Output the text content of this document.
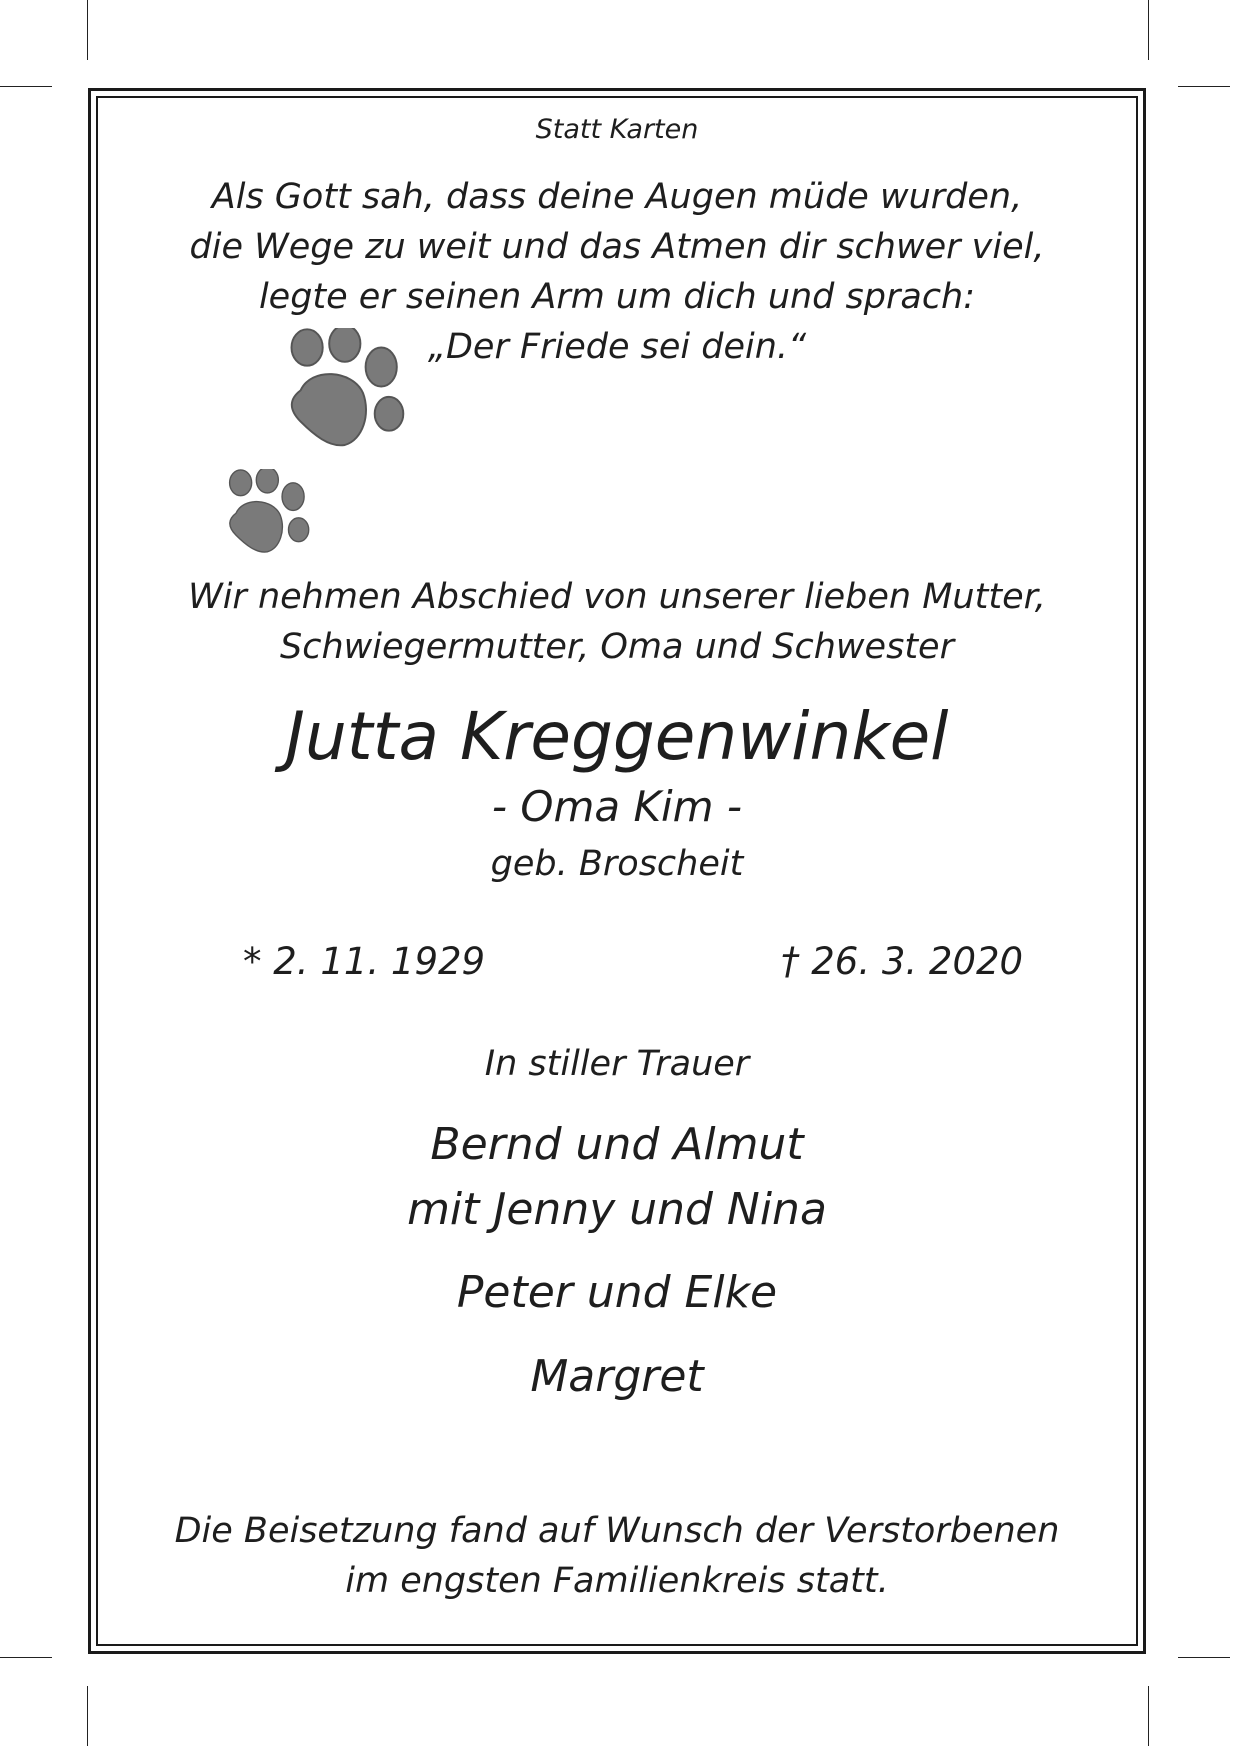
Statt Karten
Als Gott sah, dass deine Augen müde wurden,
die Wege zu weit und das Atmen dir schwer viel,
legte er seinen Arm um dich und sprach:
„Der Friede sei dein.“
Wir nehmen Abschied von unserer lieben Mutter,
Schwiegermutter, Oma und Schwester
Jutta Kreggenwinkel
- Oma Kim -
geb. Broscheit
* 2. 11. 1929	† 26. 3. 2020
In stiller Trauer
Bernd und Almut
mit Jenny und Nina
Peter und Elke
Margret
Die Beisetzung fand auf Wunsch der Verstorbenen
im engsten Familienkreis statt.
